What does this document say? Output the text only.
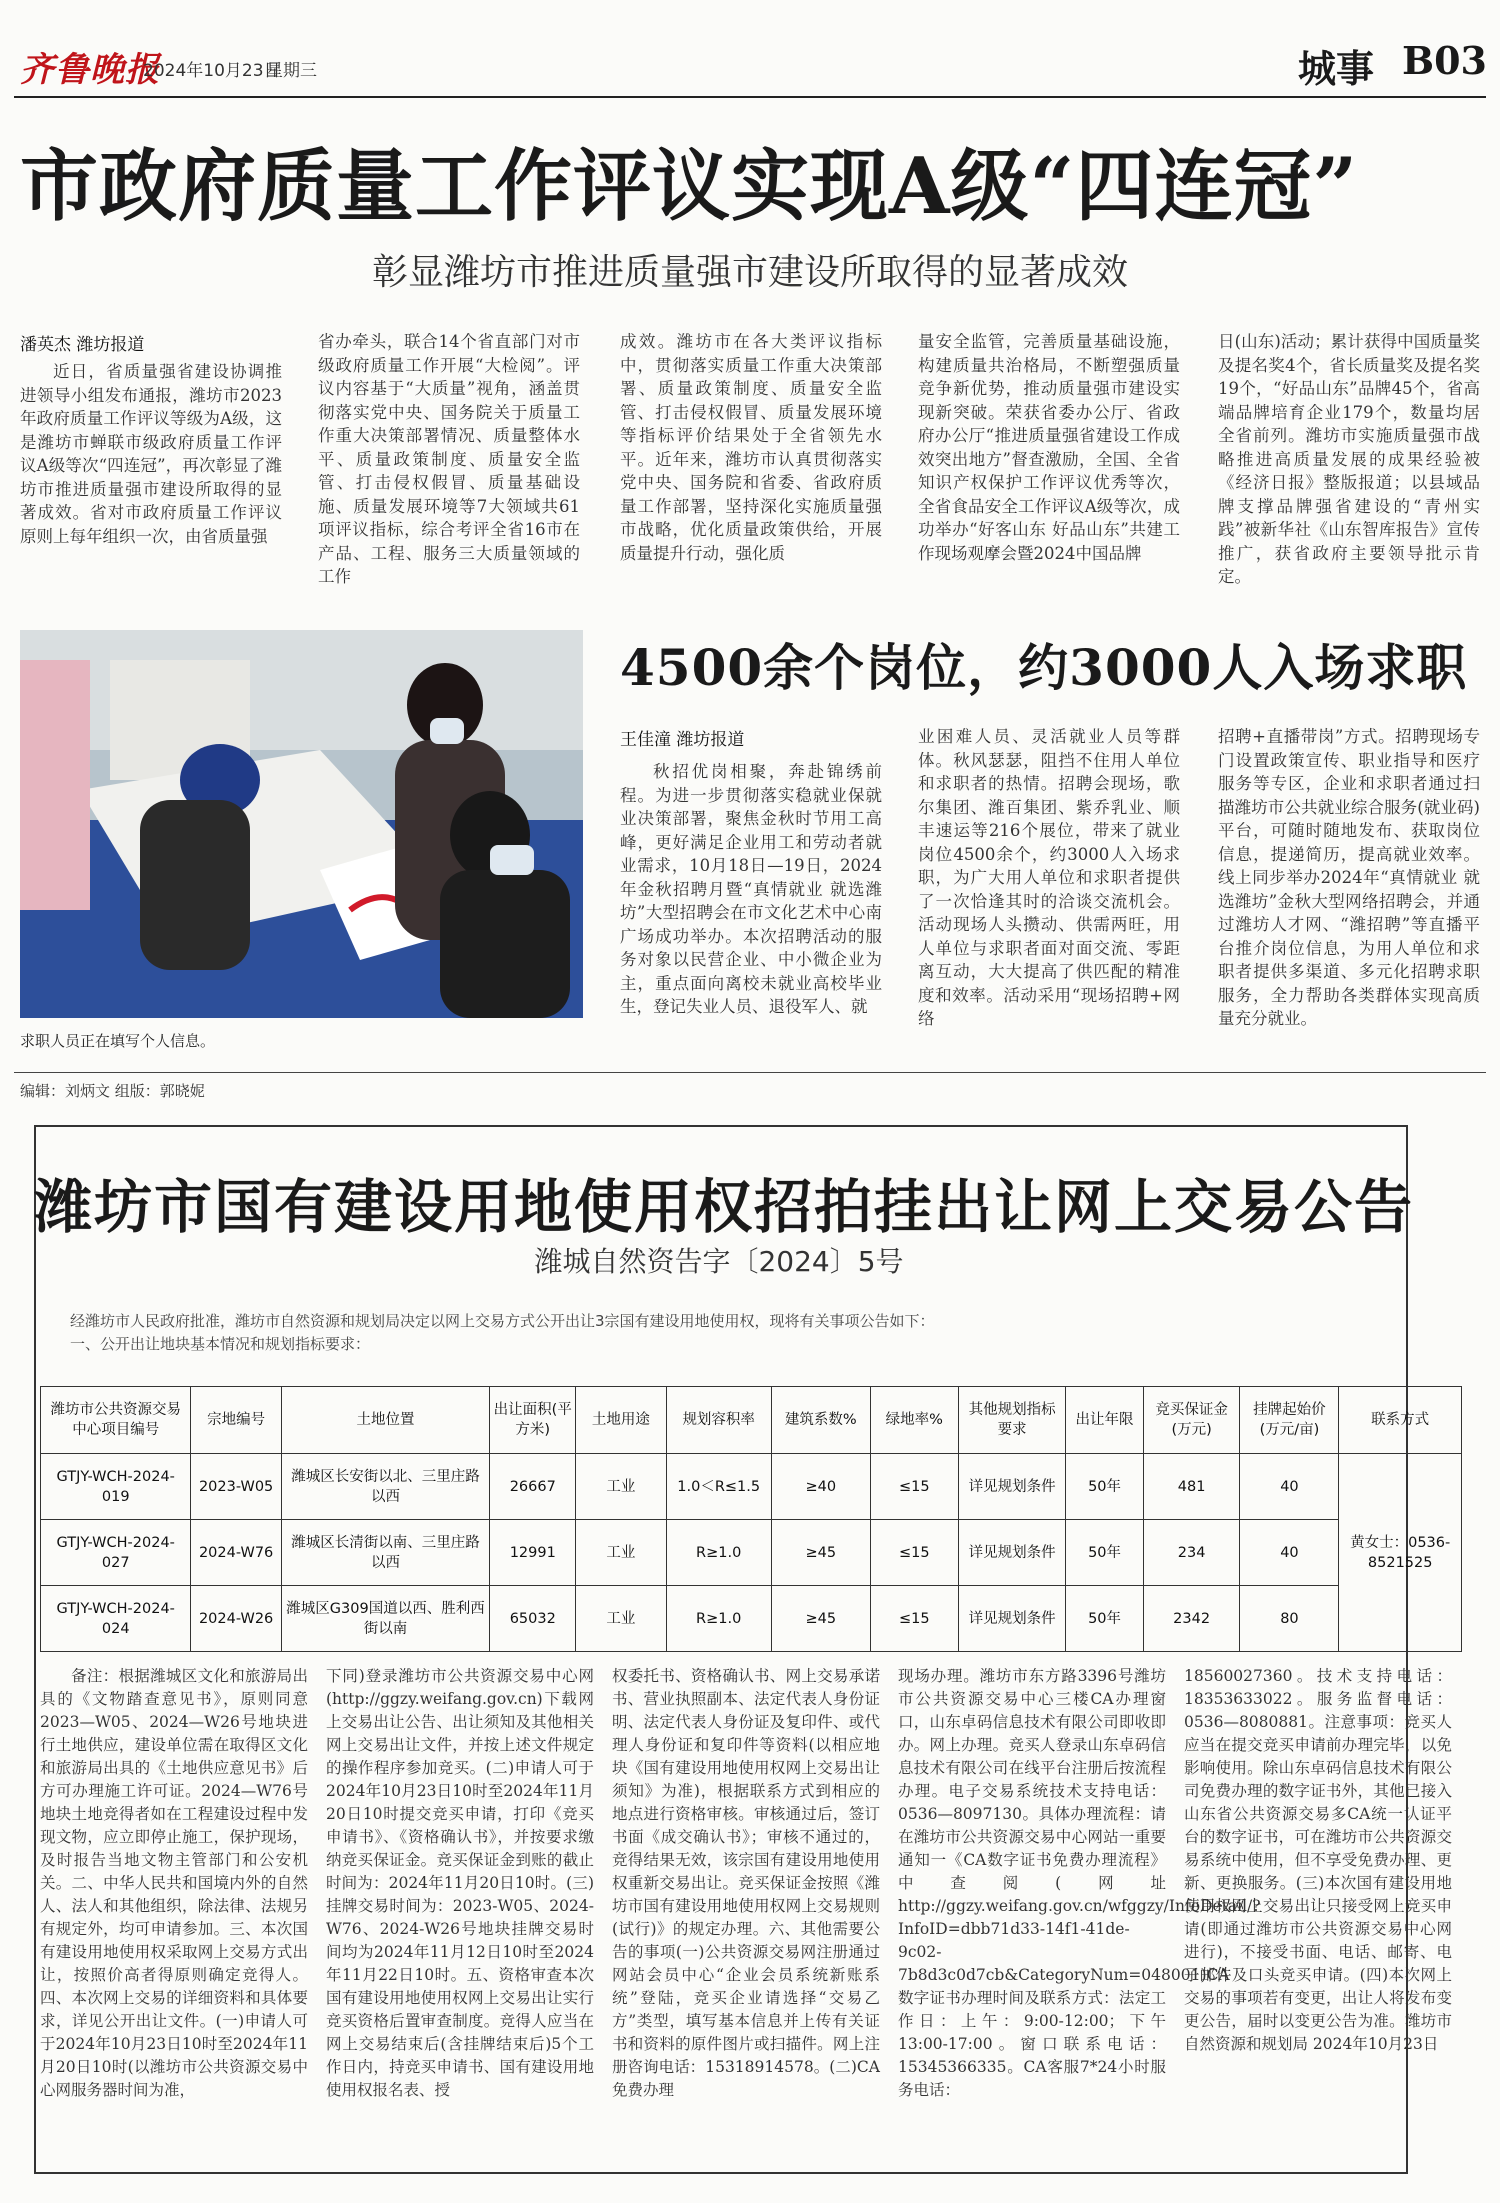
齐鲁晚报
2024年10月23日
星期三	城事 B03
市政府质量工作评议实现A级“四连冠”
彰显潍坊市推进质量强市建设所取得的显著成效
潘英杰 潍坊报道

近日，省质量强省建设协调推进领导小组发布通报，潍坊市2023年政府质量工作评议等级为A级，这是潍坊市蝉联市级政府质量工作评议A级等次“四连冠”，再次彰显了潍坊市推进质量强市建设所取得的显著成效。省对市政府质量工作评议原则上每年组织一次，由省质量强

省办牵头，联合14个省直部门对市级政府质量工作开展“大检阅”。评议内容基于“大质量”视角，涵盖贯彻落实党中央、国务院关于质量工作重大决策部署情况、质量整体水平、质量政策制度、质量安全监管、打击侵权假冒、质量基础设施、质量发展环境等7大领域共61项评议指标，综合考评全省16市在产品、工程、服务三大质量领域的工作

成效。潍坊市在各大类评议指标中，贯彻落实质量工作重大决策部署、质量政策制度、质量安全监管、打击侵权假冒、质量发展环境等指标评价结果处于全省领先水平。近年来，潍坊市认真贯彻落实党中央、国务院和省委、省政府质量工作部署，坚持深化实施质量强市战略，优化质量政策供给，开展质量提升行动，强化质

量安全监管，完善质量基础设施，构建质量共治格局，不断塑强质量竞争新优势，推动质量强市建设实现新突破。荣获省委办公厅、省政府办公厅“推进质量强省建设工作成效突出地方”督查激励，全国、全省知识产权保护工作评议优秀等次，全省食品安全工作评议A级等次，成功举办“好客山东 好品山东”共建工作现场观摩会暨2024中国品牌

日(山东)活动；累计获得中国质量奖及提名奖4个，省长质量奖及提名奖19个，“好品山东”品牌45个，省高端品牌培育企业179个，数量均居全省前列。潍坊市实施质量强市战略推进高质量发展的成果经验被《经济日报》整版报道；以县域品牌支撑品牌强省建设的“青州实践”被新华社《山东智库报告》宣传推广，获省政府主要领导批示肯定。

求职人员正在填写个人信息。
4500余个岗位，约3000人入场求职
王佳潼 潍坊报道

秋招优岗相聚，奔赴锦绣前程。为进一步贯彻落实稳就业保就业决策部署，聚焦金秋时节用工高峰，更好满足企业用工和劳动者就业需求，10月18日—19日，2024年金秋招聘月暨“真情就业 就选潍坊”大型招聘会在市文化艺术中心南广场成功举办。本次招聘活动的服务对象以民营企业、中小微企业为主，重点面向离校未就业高校毕业生，登记失业人员、退役军人、就

业困难人员、灵活就业人员等群体。秋风瑟瑟，阻挡不住用人单位和求职者的热情。招聘会现场，歌尔集团、潍百集团、紫乔乳业、顺丰速运等216个展位，带来了就业岗位4500余个，约3000人入场求职，为广大用人单位和求职者提供了一次恰逢其时的洽谈交流机会。活动现场人头攒动、供需两旺，用人单位与求职者面对面交流、零距离互动，大大提高了供匹配的精准度和效率。活动采用“现场招聘+网络

招聘+直播带岗”方式。招聘现场专门设置政策宣传、职业指导和医疗服务等专区，企业和求职者通过扫描潍坊市公共就业综合服务(就业码)平台，可随时随地发布、获取岗位信息，提递简历，提高就业效率。线上同步举办2024年“真情就业 就选潍坊”金秋大型网络招聘会，并通过潍坊人才网、“潍招聘”等直播平台推介岗位信息，为用人单位和求职者提供多渠道、多元化招聘求职服务，全力帮助各类群体实现高质量充分就业。

编辑：刘炳文 组版：郭晓妮
潍坊市国有建设用地使用权招拍挂出让网上交易公告
潍城自然资告字〔2024〕5号

经潍坊市人民政府批准，潍坊市自然资源和规划局决定以网上交易方式公开出让3宗国有建设用地使用权，现将有关事项公告如下：

一、公开出让地块基本情况和规划指标要求：

潍坊市公共资源交易中心项目编号	宗地编号	土地位置	出让面积(平方米)	土地用途	规划容积率	建筑系数%	绿地率%	其他规划指标要求	出让年限	竞买保证金(万元)	挂牌起始价(万元/亩)	联系方式
GTJY-WCH-2024-019	2023-W05	潍城区长安街以北、三里庄路以西	26667	工业	1.0＜R≤1.5	≥40	≤15	详见规划条件	50年	481	40	黄女士：0536-8521525
GTJY-WCH-2024-027	2024-W76	潍城区长清街以南、三里庄路以西	12991	工业	R≥1.0	≥45	≤15	详见规划条件	50年	234	40	
GTJY-WCH-2024-024	2024-W26	潍城区G309国道以西、胜利西街以南	65032	工业	R≥1.0	≥45	≤15	详见规划条件	50年	2342	80	

备注：根据潍城区文化和旅游局出具的《文物踏查意见书》，原则同意2023—W05、2024—W26号地块进行土地供应，建设单位需在取得区文化和旅游局出具的《土地供应意见书》后方可办理施工许可证。2024—W76号地块土地竞得者如在工程建设过程中发现文物，应立即停止施工，保护现场，及时报告当地文物主管部门和公安机关。二、中华人民共和国境内外的自然人、法人和其他组织，除法律、法规另有规定外，均可申请参加。三、本次国有建设用地使用权采取网上交易方式出让，按照价高者得原则确定竞得人。四、本次网上交易的详细资料和具体要求，详见公开出让文件。(一)申请人可于2024年10月23日10时至2024年11月20日10时(以潍坊市公共资源交易中心网服务器时间为准，

下同)登录潍坊市公共资源交易中心网(http://ggzy.weifang.gov.cn)下载网上交易出让公告、出让须知及其他相关网上交易出让文件，并按上述文件规定的操作程序参加竞买。(二)申请人可于2024年10月23日10时至2024年11月20日10时提交竞买申请，打印《竞买申请书》、《资格确认书》，并按要求缴纳竞买保证金。竞买保证金到账的截止时间为：2024年11月20日10时。(三)挂牌交易时间为：2023-W05、2024-W76、2024-W26号地块挂牌交易时间均为2024年11月12日10时至2024年11月22日10时。五、资格审查本次国有建设用地使用权网上交易出让实行竞买资格后置审查制度。竞得人应当在网上交易结束后(含挂牌结束后)5个工作日内，持竞买申请书、国有建设用地使用权报名表、授

权委托书、资格确认书、网上交易承诺书、营业执照副本、法定代表人身份证明、法定代表人身份证及复印件、或代理人身份证和复印件等资料(以相应地块《国有建设用地使用权网上交易出让须知》为准)，根据联系方式到相应的地点进行资格审核。审核通过后，签订书面《成交确认书》；审核不通过的，竞得结果无效，该宗国有建设用地使用权重新交易出让。竞买保证金按照《潍坊市国有建设用地使用权网上交易规则(试行)》的规定办理。六、其他需要公告的事项(一)公共资源交易网注册通过网站会员中心“企业会员系统新账系统”登陆，竞买企业请选择“交易乙方”类型，填写基本信息并上传有关证书和资料的原件图片或扫描件。网上注册咨询电话：15318914578。(二)CA免费办理

现场办理。潍坊市东方路3396号潍坊市公共资源交易中心三楼CA办理窗口，山东卓码信息技术有限公司即收即办。网上办理。竞买人登录山东卓码信息技术有限公司在线平台注册后按流程办理。电子交易系统技术支持电话：0536—8097130。具体办理流程：请在潍坊市公共资源交易中心网站一重要通知一《CA数字证书免费办理流程》中查阅(网址http://ggzy.weifang.gov.cn/wfggzy/InfoDetail/?InfoID=dbb71d33-14f1-41de-9c02-7b8d3c0d7cb&CategoryNum=048001)CA数字证书办理时间及联系方式：法定工作日：上午：9:00-12:00；下午13:00-17:00。窗口联系电话：15345366335。CA客服7*24小时服务电话：

18560027360。技术支持电话：18353633022。服务监督电话：0536—8080881。注意事项：竞买人应当在提交竞买申请前办理完毕，以免影响使用。除山东卓码信息技术有限公司免费办理的数字证书外，其他已接入山东省公共资源交易多CA统一认证平台的数字证书，可在潍坊市公共资源交易系统中使用，但不享受免费办理、更新、更换服务。(三)本次国有建设用地使用权网上交易出让只接受网上竞买申请(即通过潍坊市公共资源交易中心网进行)，不接受书面、电话、邮寄、电子邮件及口头竞买申请。(四)本次网上交易的事项若有变更，出让人将发布变更公告，届时以变更公告为准。潍坊市自然资源和规划局 2024年10月23日
